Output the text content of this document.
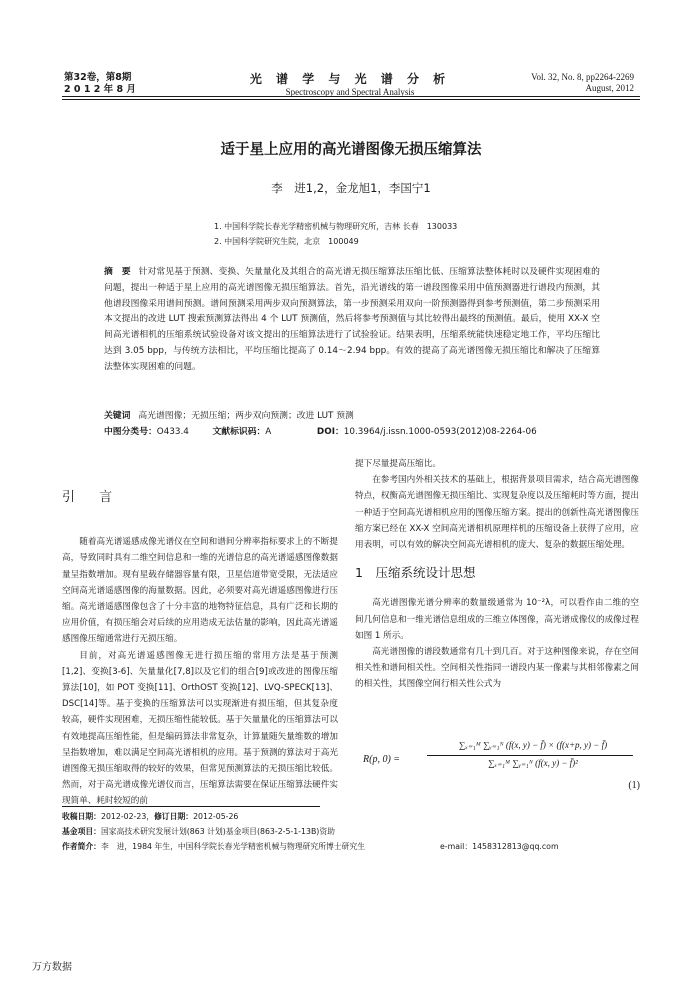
第32卷，第8期
2 0 1 2 年 8 月
光 谱 学 与 光 谱 分 析
Spectroscopy and Spectral Analysis
Vol. 32, No. 8, pp2264-2269
August, 2012
适于星上应用的高光谱图像无损压缩算法
李　进1,2，金龙旭1，李国宁1
1. 中国科学院长春光学精密机械与物理研究所，吉林 长春　130033
2. 中国科学院研究生院，北京　100049
摘　要 针对常见基于预测、变换、矢量量化及其组合的高光谱无损压缩算法压缩比低、压缩算法整体耗时以及硬件实现困难的问题，提出一种适于星上应用的高光谱图像无损压缩算法。首先，沿光谱线的第一谱段图像采用中值预测器进行谱段内预测，其他谱段图像采用谱间预测。谱间预测采用两步双向预测算法，第一步预测采用双向一阶预测器得到参考预测值，第二步预测采用本文提出的改进 LUT 搜索预测算法得出 4 个 LUT 预测值，然后将参考预测值与其比较得出最终的预测值。最后，使用 XX-X 空间高光谱相机的压缩系统试验设备对该文提出的压缩算法进行了试验验证。结果表明，压缩系统能快速稳定地工作，平均压缩比达到 3.05 bpp，与传统方法相比，平均压缩比提高了 0.14～2.94 bpp。有效的提高了高光谱图像无损压缩比和解决了压缩算法整体实现困难的问题。
关键词 高光谱图像；无损压缩；两步双向预测；改进 LUT 预测
中图分类号：O433.4	文献标识码：A	DOI：10.3964/j.issn.1000-0593(2012)08-2264-06

引 言

随着高光谱遥感成像光谱仪在空间和谱间分辨率指标要求上的不断提高，导致同时具有二维空间信息和一维的光谱信息的高光谱遥感图像数据量呈指数增加。现有星载存储器容量有限，卫星信道带宽受限，无法适应空间高光谱遥感图像的海量数据。因此，必须要对高光谱遥感图像进行压缩。高光谱遥感图像包含了十分丰富的地物特征信息，具有广泛和长期的应用价值，有损压缩会对后续的应用造成无法估量的影响，因此高光谱遥感图像压缩通常进行无损压缩。

目前，对高光谱遥感图像无进行损压缩的常用方法是基于预测[1,2]、变换[3-6]、矢量量化[7,8]以及它们的组合[9]或改进的图像压缩算法[10]，如 POT 变换[11]、OrthOST 变换[12]、LVQ-SPECK[13]、DSC[14]等。基于变换的压缩算法可以实现渐进有损压缩，但其复杂度较高，硬件实现困难，无损压缩性能较低。基于矢量量化的压缩算法可以有效地提高压缩性能，但是编码算法非常复杂，计算量随矢量维数的增加呈指数增加，难以满足空间高光谱相机的应用。基于预测的算法对于高光谱图像无损压缩取得的较好的效果，但常见预测算法的无损压缩比较低。然而，对于高光谱成像光谱仪而言，压缩算法需要在保证压缩算法硬件实现简单、耗时较短的前

提下尽量提高压缩比。

在参考国内外相关技术的基础上，根据背景项目需求，结合高光谱图像特点，权衡高光谱图像无损压缩比、实现复杂度以及压缩耗时等方面，提出一种适于空间高光谱相机应用的图像压缩方案。提出的创新性高光谱图像压缩方案已经在 XX-X 空间高光谱相机原理样机的压缩设备上获得了应用，应用表明，可以有效的解决空间高光谱相机的庞大、复杂的数据压缩处理。

1　压缩系统设计思想

高光谱图像光谱分辨率的数量级通常为 10⁻²λ，可以看作由二维的空间几何信息和一维光谱信息组成的三维立体图像，高光谱成像仪的成像过程如图 1 所示。

高光谱图像的谱段数通常有几十到几百。对于这种图像来说，存在空间相关性和谱间相关性。空间相关性指同一谱段内某一像素与其相邻像素之间的相关性，其图像空间行相关性公式为

R(p, 0) =
∑ₓ₌₁ᴹ ∑ᵧ₌₁ᴺ (f(x, y) − f̄) × (f(x+p, y) − f̄)
∑ₓ₌₁ᴹ ∑ᵧ₌₁ᴺ (f(x, y) − f̄)²
(1)
收稿日期：2012-02-23，修订日期：2012-05-26
基金项目：国家高技术研究发展计划(863 计划)基金项目(863-2-5-1-13B)资助
作者简介：李　进，1984 年生，中国科学院长春光学精密机械与物理研究所博士研究生	e-mail：1458312813@qq.com
万方数据
